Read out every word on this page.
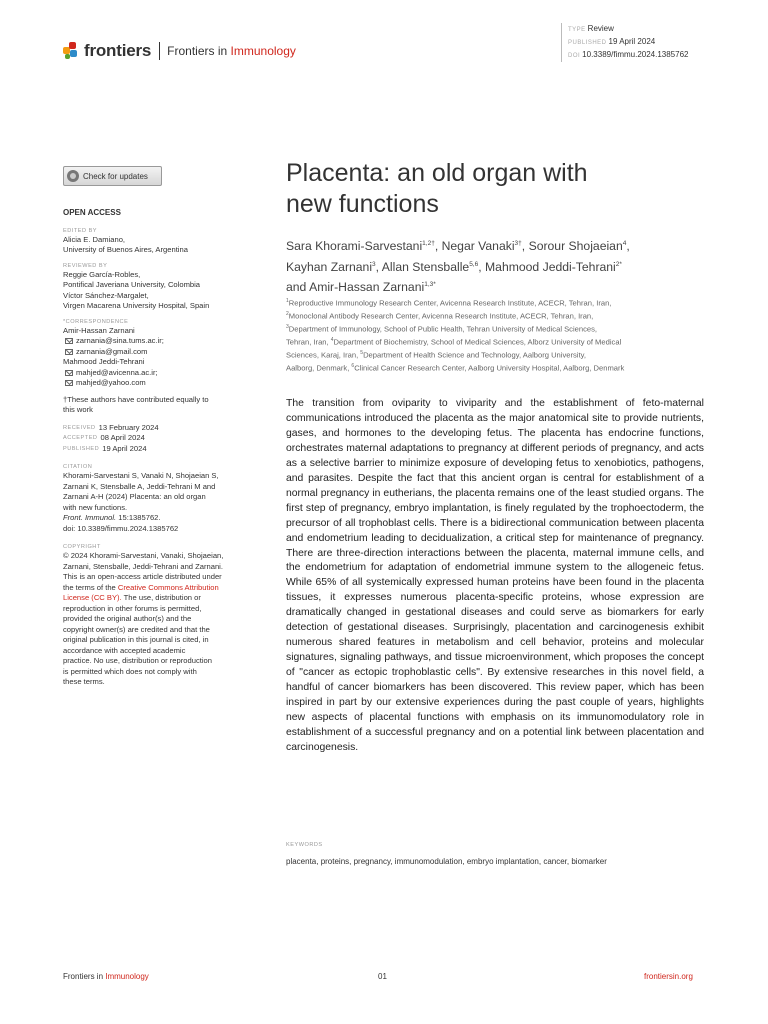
frontiers Frontiers in Immunology
TYPE Review
PUBLISHED 19 April 2024
DOI 10.3389/fimmu.2024.1385762
Check for updates
OPEN ACCESS
EDITED BY
Alicia E. Damiano,
University of Buenos Aires, Argentina
REVIEWED BY
Reggie García-Robles,
Pontifical Javeriana University, Colombia
Víctor Sánchez-Margalet,
Virgen Macarena University Hospital, Spain
*CORRESPONDENCE
Amir-Hassan Zarnani
zarnania@sina.tums.ac.ir;
zarnania@gmail.com
Mahmood Jeddi-Tehrani
mahjed@avicenna.ac.ir;
mahjed@yahoo.com
†These authors have contributed equally to
this work
RECEIVED 13 February 2024
ACCEPTED 08 April 2024
PUBLISHED 19 April 2024
CITATION
Khorami-Sarvestani S, Vanaki N, Shojaeian S,
Zarnani K, Stensballe A, Jeddi-Tehrani M and
Zarnani A-H (2024) Placenta: an old organ
with new functions.
Front. Immunol. 15:1385762.
doi: 10.3389/fimmu.2024.1385762
COPYRIGHT
© 2024 Khorami-Sarvestani, Vanaki, Shojaeian,
Zarnani, Stensballe, Jeddi-Tehrani and Zarnani.
This is an open-access article distributed under
the terms of the Creative Commons Attribution
License (CC BY). The use, distribution or
reproduction in other forums is permitted,
provided the original author(s) and the
copyright owner(s) are credited and that the
original publication in this journal is cited, in
accordance with accepted academic
practice. No use, distribution or reproduction
is permitted which does not comply with
these terms.
Placenta: an old organ with
new functions
Sara Khorami-Sarvestani$^{1,2\dagger}$, Negar Vanaki$^{3\dagger}$, Sorour Shojaeian$^4$,
Kayhan Zarnani$^3$, Allan Stensballe$^{5,6}$, Mahmood Jeddi-Tehrani$^{2*}$
and Amir-Hassan Zarnani$^{1,3*}$
$^1$Reproductive Immunology Research Center, Avicenna Research Institute, ACECR, Tehran, Iran,
$^2$Monoclonal Antibody Research Center, Avicenna Research Institute, ACECR, Tehran, Iran,
$^3$Department of Immunology, School of Public Health, Tehran University of Medical Sciences,
Tehran, Iran, $^4$Department of Biochemistry, School of Medical Sciences, Alborz University of Medical
Sciences, Karaj, Iran, $^5$Department of Health Science and Technology, Aalborg University,
Aalborg, Denmark, $^6$Clinical Cancer Research Center, Aalborg University Hospital, Aalborg, Denmark
The transition from oviparity to viviparity and the establishment of feto-maternal communications introduced the placenta as the major anatomical site to provide nutrients, gases, and hormones to the developing fetus. The placenta has endocrine functions, orchestrates maternal adaptations to pregnancy at different periods of pregnancy, and acts as a selective barrier to minimize exposure of developing fetus to xenobiotics, pathogens, and parasites. Despite the fact that this ancient organ is central for establishment of a normal pregnancy in eutherians, the placenta remains one of the least studied organs. The first step of pregnancy, embryo implantation, is finely regulated by the trophoectoderm, the precursor of all trophoblast cells. There is a bidirectional communication between placenta and endometrium leading to decidualization, a critical step for maintenance of pregnancy. There are three-direction interactions between the placenta, maternal immune cells, and the endometrium for adaptation of endometrial immune system to the allogeneic fetus. While 65% of all systemically expressed human proteins have been found in the placenta tissues, it expresses numerous placenta-specific proteins, whose expression are dramatically changed in gestational diseases and could serve as biomarkers for early detection of gestational diseases. Surprisingly, placentation and carcinogenesis exhibit numerous shared features in metabolism and cell behavior, proteins and molecular signatures, signaling pathways, and tissue microenvironment, which proposes the concept of "cancer as ectopic trophoblastic cells". By extensive researches in this novel field, a handful of cancer biomarkers has been discovered. This review paper, which has been inspired in part by our extensive experiences during the past couple of years, highlights new aspects of placental functions with emphasis on its immunomodulatory role in establishment of a successful pregnancy and on a potential link between placentation and carcinogenesis.
KEYWORDS
placenta, proteins, pregnancy, immunomodulation, embryo implantation, cancer, biomarker
Frontiers in Immunology	01	frontiersin.org
